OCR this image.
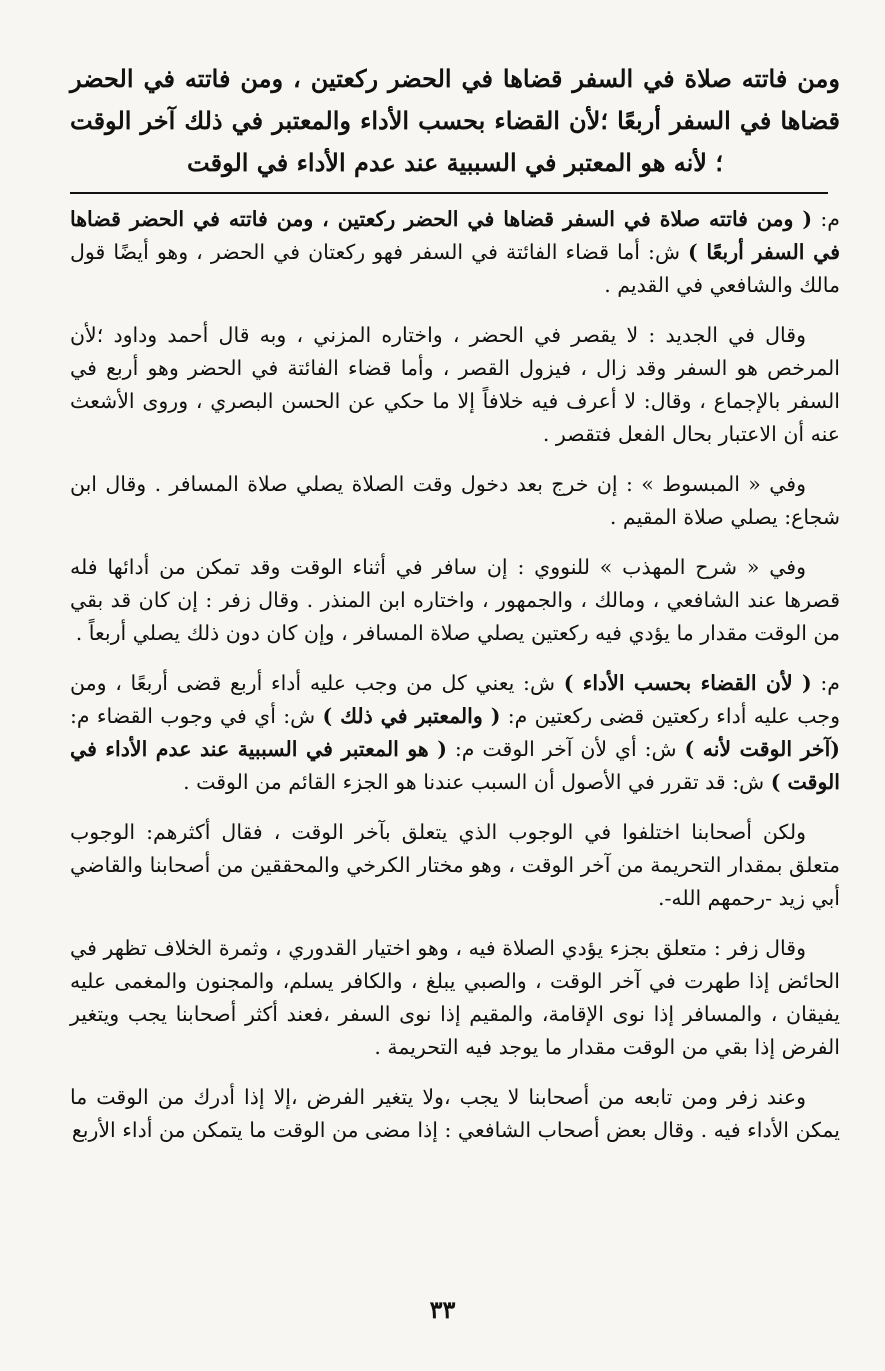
ومن فاتته صلاة في السفر قضاها في الحضر ركعتين ، ومن فاتته في الحضر قضاها في السفر أربعًا ؛لأن القضاء بحسب الأداء والمعتبر في ذلك آخر الوقت ؛ لأنه هو المعتبر في السببية عند عدم الأداء في الوقت

م: ( ومن فاتته صلاة في السفر قضاها في الحضر ركعتين ، ومن فاتته في الحضر قضاها في السفر أربعًا ) ش: أما قضاء الفائتة في السفر فهو ركعتان في الحضر ، وهو أيضًا قول مالك والشافعي في القديم .

وقال في الجديد : لا يقصر في الحضر ، واختاره المزني ، وبه قال أحمد وداود ؛لأن المرخص هو السفر وقد زال ، فيزول القصر ، وأما قضاء الفائتة في الحضر وهو أربع في السفر بالإجماع ، وقال: لا أعرف فيه خلافاً إلا ما حكي عن الحسن البصري ، وروى الأشعث عنه أن الاعتبار بحال الفعل فتقصر .

وفي « المبسوط » : إن خرج بعد دخول وقت الصلاة يصلي صلاة المسافر . وقال ابن شجاع: يصلي صلاة المقيم .

وفي « شرح المهذب » للنووي : إن سافر في أثناء الوقت وقد تمكن من أدائها فله قصرها عند الشافعي ، ومالك ، والجمهور ، واختاره ابن المنذر . وقال زفر : إن كان قد بقي من الوقت مقدار ما يؤدي فيه ركعتين يصلي صلاة المسافر ، وإن كان دون ذلك يصلي أربعاً .

م: ( لأن القضاء بحسب الأداء ) ش: يعني كل من وجب عليه أداء أربع قضى أربعًا ، ومن وجب عليه أداء ركعتين قضى ركعتين م: ( والمعتبر في ذلك ) ش: أي في وجوب القضاء م: (آخر الوقت لأنه ) ش: أي لأن آخر الوقت م: ( هو المعتبر في السببية عند عدم الأداء في الوقت ) ش: قد تقرر في الأصول أن السبب عندنا هو الجزء القائم من الوقت .

ولكن أصحابنا اختلفوا في الوجوب الذي يتعلق بآخر الوقت ، فقال أكثرهم: الوجوب متعلق بمقدار التحريمة من آخر الوقت ، وهو مختار الكرخي والمحققين من أصحابنا والقاضي أبي زيد -رحمهم الله-.

وقال زفر : متعلق بجزء يؤدي الصلاة فيه ، وهو اختيار القدوري ، وثمرة الخلاف تظهر في الحائض إذا طهرت في آخر الوقت ، والصبي يبلغ ، والكافر يسلم، والمجنون والمغمى عليه يفيقان ، والمسافر إذا نوى الإقامة، والمقيم إذا نوى السفر ،فعند أكثر أصحابنا يجب ويتغير الفرض إذا بقي من الوقت مقدار ما يوجد فيه التحريمة .

وعند زفر ومن تابعه من أصحابنا لا يجب ،ولا يتغير الفرض ،إلا إذا أدرك من الوقت ما يمكن الأداء فيه . وقال بعض أصحاب الشافعي : إذا مضى من الوقت ما يتمكن من أداء الأربع

٣٣
